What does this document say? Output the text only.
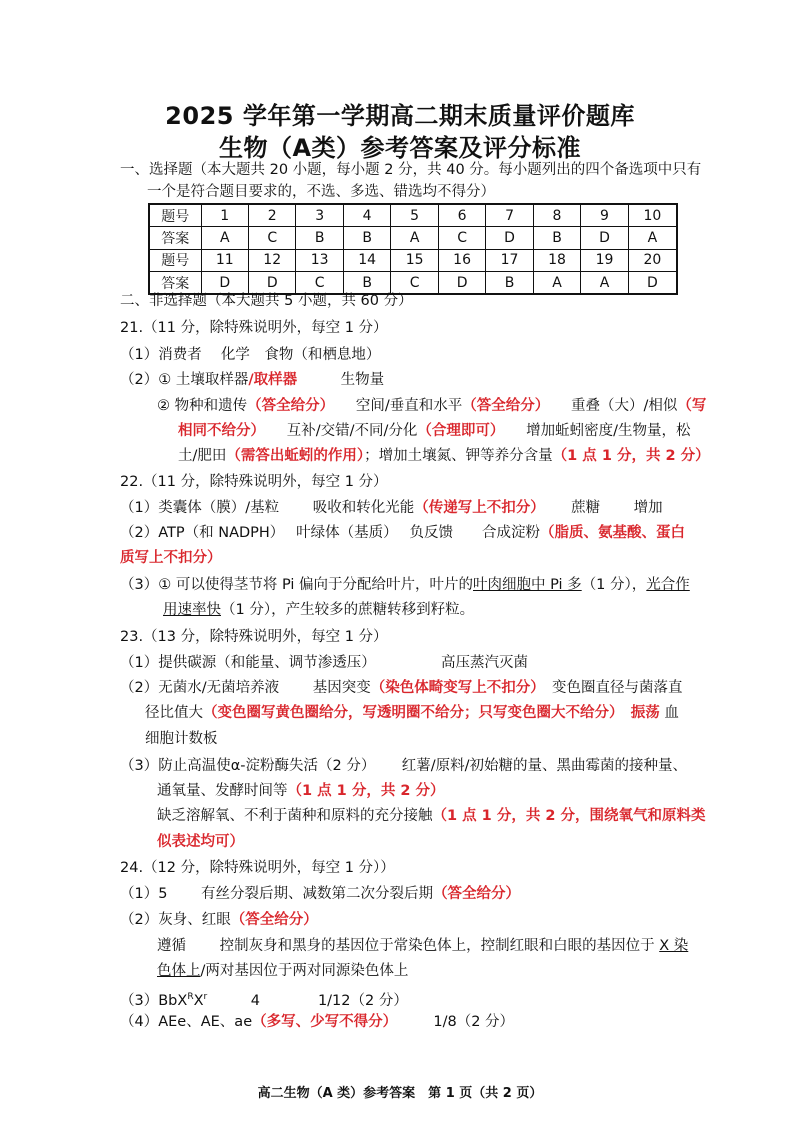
2025 学年第一学期高二期末质量评价题库
生物（A类）参考答案及评分标准
一、选择题（本大题共 20 小题，每小题 2 分，共 40 分。每小题列出的四个备选项中只有
一个是符合题目要求的，不选、多选、错选均不得分）
题号	1	2	3	4	5	6	7	8	9	10
答案	A	C	B	B	A	C	D	B	D	A
题号	11	12	13	14	15	16	17	18	19	20
答案	D	D	C	B	C	D	B	A	A	D
二、非选择题（本大题共 5 小题，共 60 分）
21.（11 分，除特殊说明外，每空 1 分）
（1）消费者　 化学　食物（和栖息地）
（2）① 土壤取样器/取样器　　　生物量
② 物种和遗传（答全给分）　　空间/垂直和水平（答全给分）　　重叠（大）/相似（写
相同不给分）　　互补/交错/不同/分化（合理即可）　　增加蚯蚓密度/生物量，松
土/肥田（需答出蚯蚓的作用）；增加土壤氮、钾等养分含量（1 点 1 分，共 2 分）
22.（11 分，除特殊说明外，每空 1 分）
（1）类囊体（膜）/基粒　　 吸收和转化光能（传递写上不扣分）　　 蔗糖　　 增加
（2）ATP（和 NADPH）　 叶绿体（基质）　 负反馈　　合成淀粉（脂质、氨基酸、蛋白
质写上不扣分）
（3）① 可以使得茎节将 Pi 偏向于分配给叶片，叶片的叶肉细胞中 Pi 多（1 分），光合作
用速率快（1 分），产生较多的蔗糖转移到籽粒。
23.（13 分，除特殊说明外，每空 1 分）
（1）提供碳源（和能量、调节渗透压）　　　　　高压蒸汽灭菌
（2）无菌水/无菌培养液　　 基因突变（染色体畸变写上不扣分）　变色圈直径与菌落直
径比值大（变色圈写黄色圈给分，写透明圈不给分；只写变色圈大不给分）　振荡 血
细胞计数板
（3）防止高温使α-淀粉酶失活（2 分）　　 红薯/原料/初始糖的量、黑曲霉菌的接种量、
通氧量、发酵时间等（1 点 1 分，共 2 分）
缺乏溶解氧、不利于菌种和原料的充分接触（1 点 1 分，共 2 分，围绕氧气和原料类
似表述均可）
24.（12 分，除特殊说明外，每空 1 分））
（1）5　　 有丝分裂后期、减数第二次分裂后期（答全给分）
（2）灰身、红眼（答全给分）
遵循　　 控制灰身和黑身的基因位于常染色体上，控制红眼和白眼的基因位于 X 染
色体上/两对基因位于两对同源染色体上
$(3)BbX^RX^r$　　　4　　　　1/12（2 分）
（4）AEe、AE、ae（多写、少写不得分）　　　1/8（2 分）
高二生物（A 类）参考答案　第 1 页（共 2 页）
